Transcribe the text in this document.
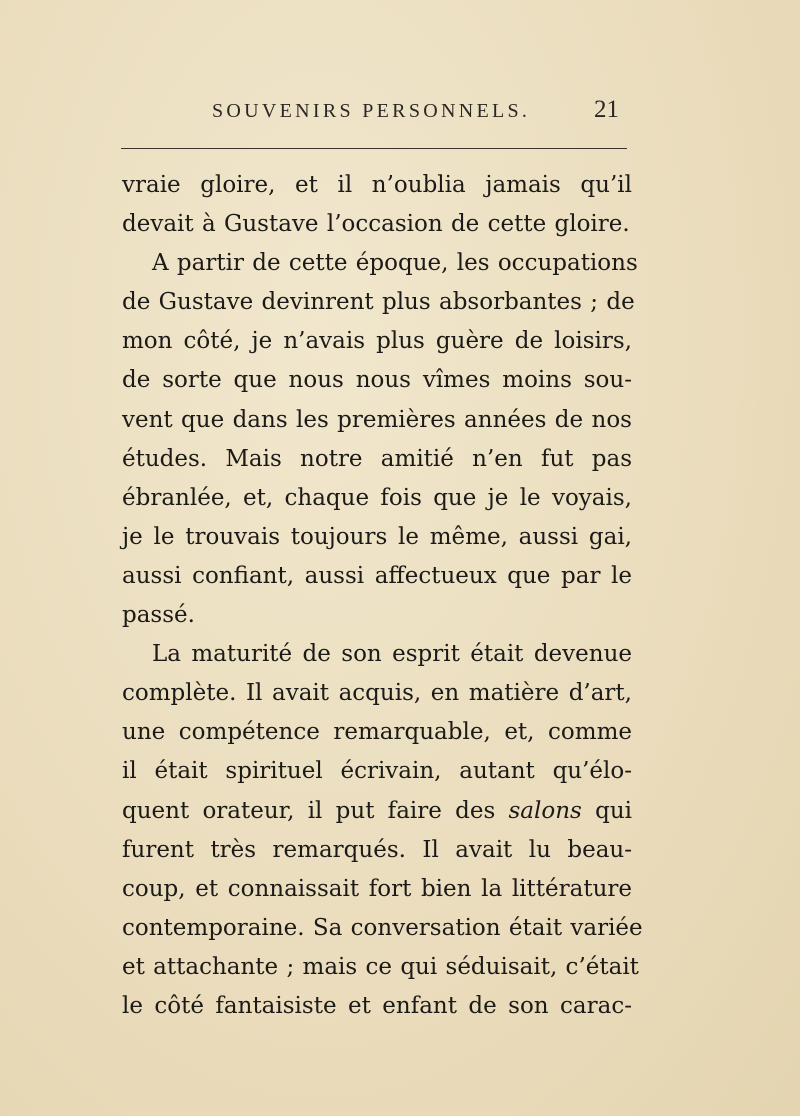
SOUVENIRS PERSONNELS.	21
vraie gloire, et il n’oublia jamais qu’il
devait à Gustave l’occasion de cette gloire.
A partir de cette époque, les occupations
de Gustave devinrent plus absorbantes ; de
mon côté, je n’avais plus guère de loisirs,
de sorte que nous nous vîmes moins sou-
vent que dans les premières années de nos
études. Mais notre amitié n’en fut pas
ébranlée, et, chaque fois que je le voyais,
je le trouvais toujours le même, aussi gai,
aussi confiant, aussi affectueux que par le
passé.
La maturité de son esprit était devenue
complète. Il avait acquis, en matière d’art,
une compétence remarquable, et, comme
il était spirituel écrivain, autant qu’élo-
quent orateur, il put faire des salons qui
furent très remarqués. Il avait lu beau-
coup, et connaissait fort bien la littérature
contemporaine. Sa conversation était variée
et attachante ; mais ce qui séduisait, c’était
le côté fantaisiste et enfant de son carac-
